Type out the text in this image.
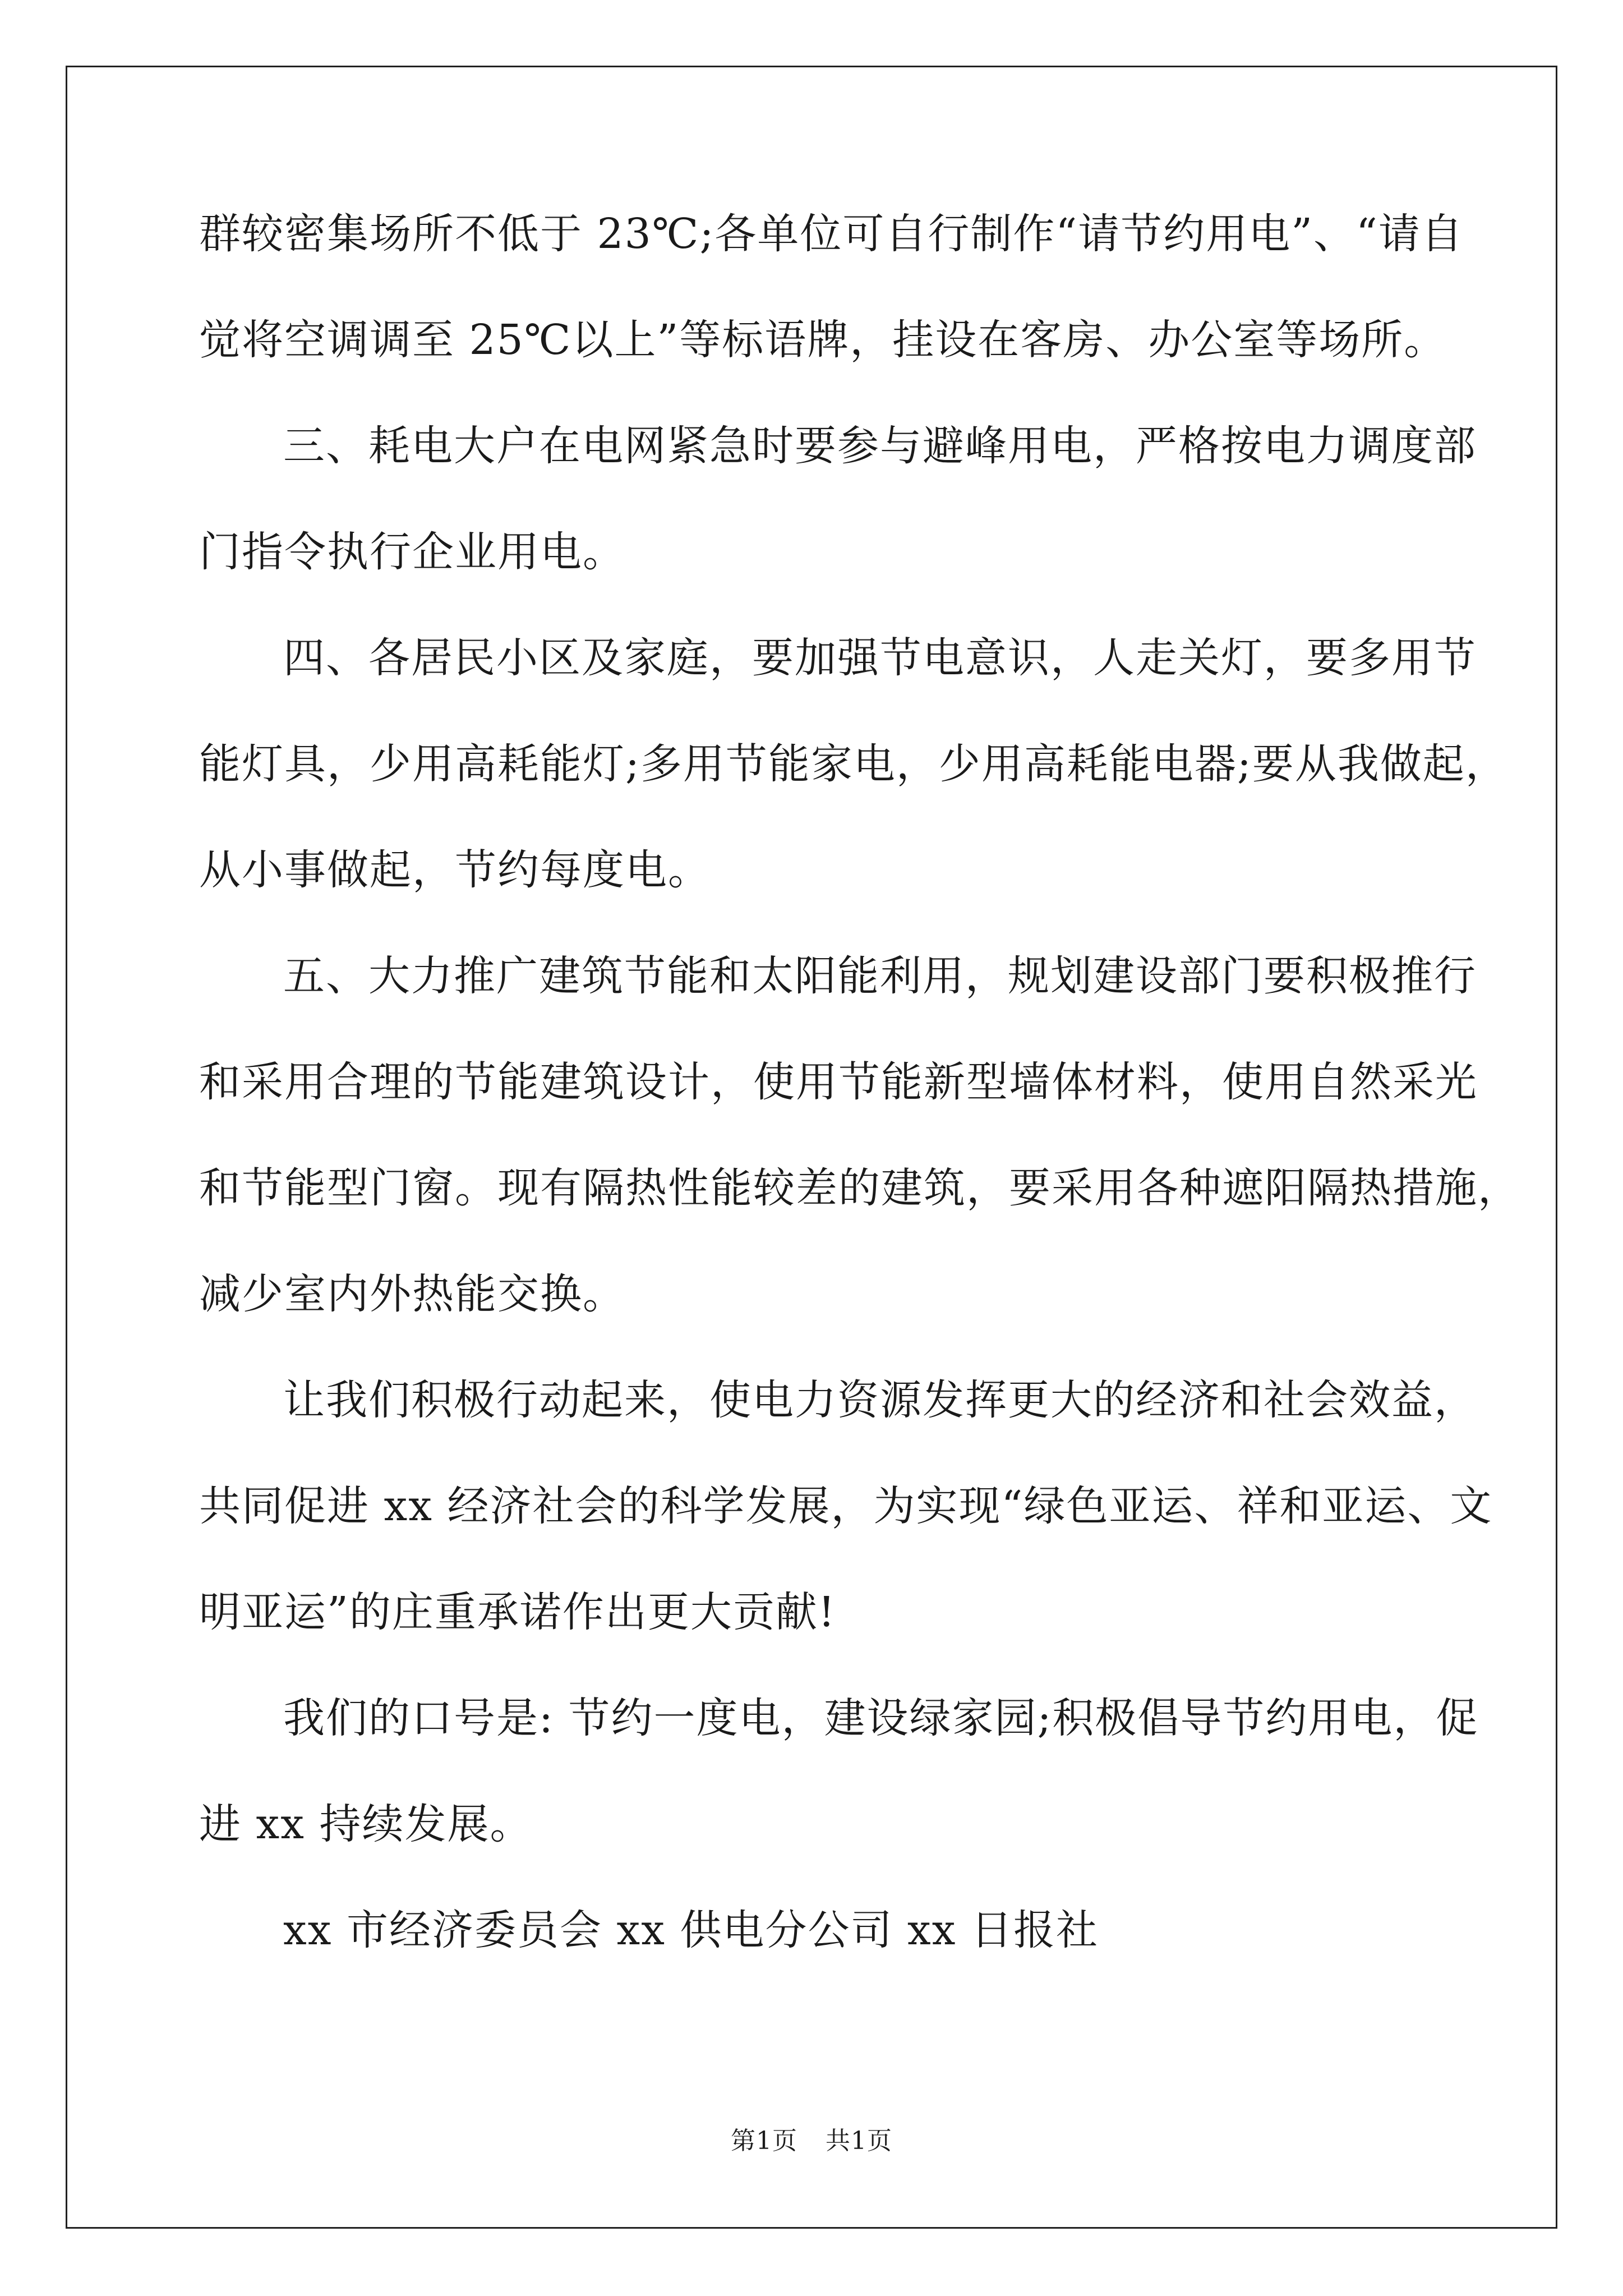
群较密集场所不低于 23℃;各单位可自行制作“请节约用电”、“请自

觉将空调调至 25℃以上”等标语牌，挂设在客房、办公室等场所。

三、耗电大户在电网紧急时要参与避峰用电，严格按电力调度部

门指令执行企业用电。

四、各居民小区及家庭，要加强节电意识，人走关灯，要多用节

能灯具，少用高耗能灯;多用节能家电，少用高耗能电器;要从我做起，

从小事做起，节约每度电。

五、大力推广建筑节能和太阳能利用，规划建设部门要积极推行

和采用合理的节能建筑设计，使用节能新型墙体材料，使用自然采光

和节能型门窗。现有隔热性能较差的建筑，要采用各种遮阳隔热措施，

减少室内外热能交换。

让我们积极行动起来，使电力资源发挥更大的经济和社会效益，

共同促进 xx 经济社会的科学发展，为实现“绿色亚运、祥和亚运、文

明亚运”的庄重承诺作出更大贡献!

我们的口号是: 节约一度电，建设绿家园;积极倡导节约用电，促

进 xx 持续发展。

xx 市经济委员会 xx 供电分公司 xx 日报社

第1页 共1页
